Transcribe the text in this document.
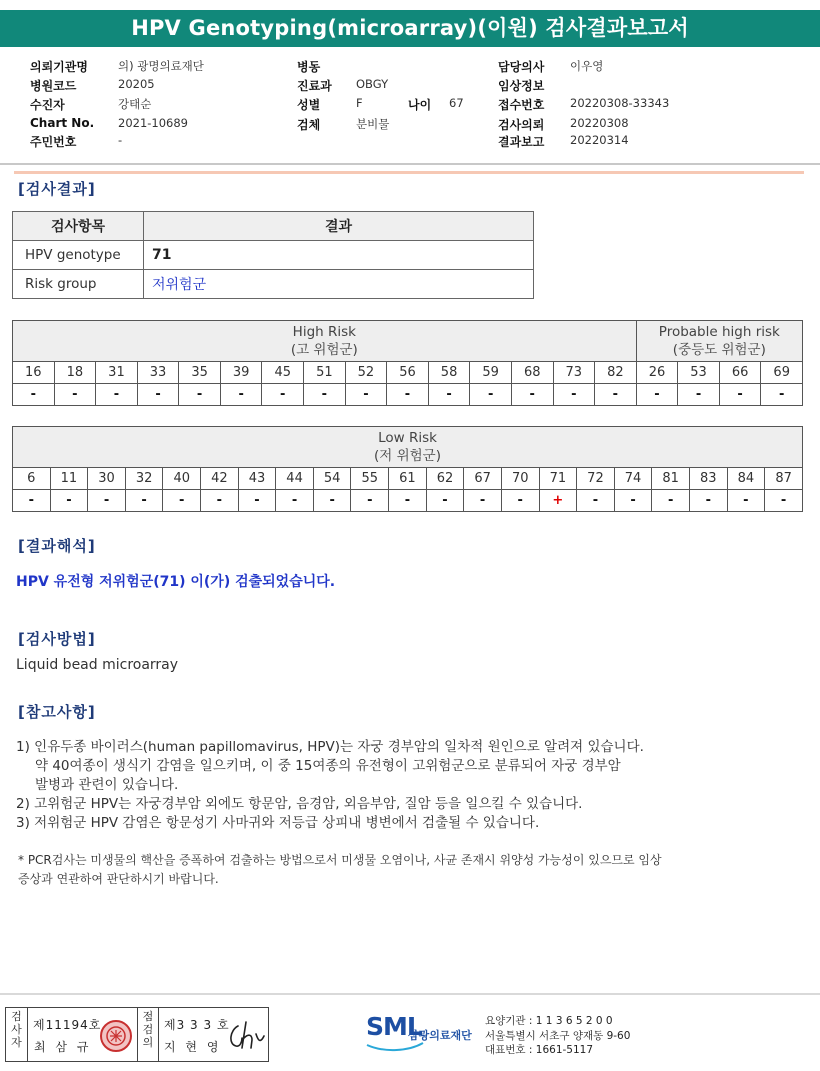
HPV Genotyping(microarray)(이원) 검사결과보고서
의뢰기관명	의) 광명의료재단
병원코드	20205
수진자	강태순
Chart No. 2021-10689
주민번호	-
병동
진료과 OBGY
성별	F	나이 67
검체	분비물
담당의사 이우영
임상정보
접수번호 20220308-33343
검사의뢰 20220308
결과보고 20220314
[검사결과]
검사항목	결과
HPV genotype	71
Risk group	저위험군
High Risk
(고 위험군)															Probable high risk
(중등도 위험군)			
16	18	31	33	35	39	45	51	52	56	58	59	68	73	82	26	53	66	69
-	-	-	-	-	-	-	-	-	-	-	-	-	-	-	-	-	-	-
Low Risk
(저 위험군)																				
6	11	30	32	40	42	43	44	54	55	61	62	67	70	71	72	74	81	83	84	87
-	-	-	-	-	-	-	-	-	-	-	-	-	-	+	-	-	-	-	-	-
[결과해석]
HPV 유전형 저위험군(71) 이(가) 검출되었습니다.
[검사방법]
Liquid bead microarray
[참고사항]
1) 인유두종 바이러스(human papillomavirus, HPV)는 자궁 경부암의 일차적 원인으로 알려져 있습니다.
약 40여종이 생식기 감염을 일으키며, 이 중 15여종의 유전형이 고위험군으로 분류되어 자궁 경부암
발병과 관련이 있습니다.
2) 고위험군 HPV는 자궁경부암 외에도 항문암, 음경암, 외음부암, 질암 등을 일으킬 수 있습니다.
3) 저위험군 HPV 감염은 항문성기 사마귀와 저등급 상피내 병변에서 검출될 수 있습니다.
* PCR검사는 미생물의 핵산을 증폭하여 검출하는 방법으로서 미생물 오염이나, 사균 존재시 위양성 가능성이 있으므로 임상
증상과 연관하여 판단하시기 바랍니다.
검
사
자
제11194호
최 삼 규
점
검
의
제3 3 3 호
지 현 영
SML
삼광의료재단
요양기관 : 1 1 3 6 5 2 0 0
서울특별시 서초구 양재동 9-60
대표번호 : 1661-5117
